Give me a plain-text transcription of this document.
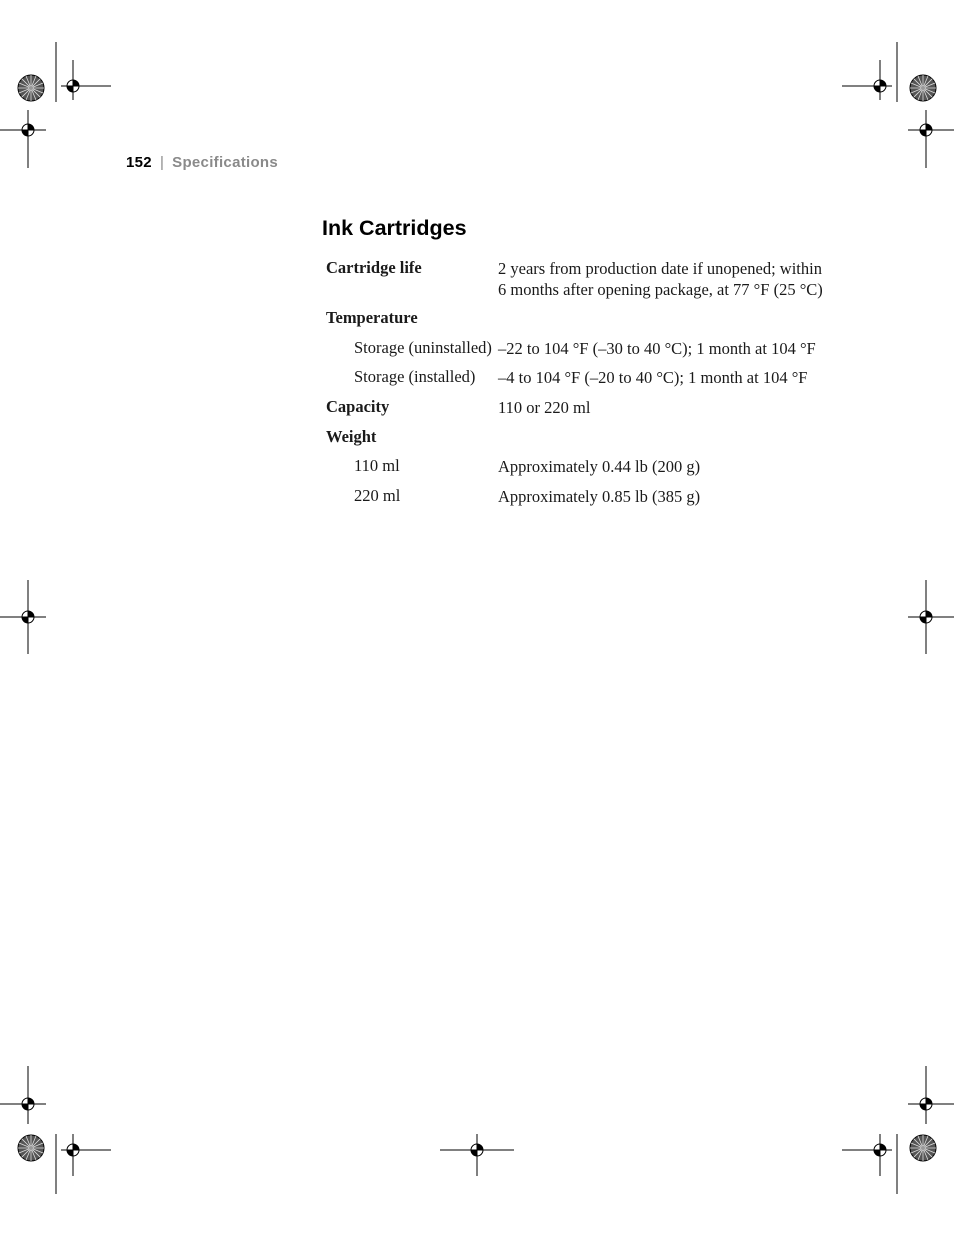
152 | Specifications
Ink Cartridges
Cartridge life	2 years from production date if unopened; within
6 months after opening package, at 77 °F (25 °C)
Temperature
Storage (uninstalled) –22 to 104 °F (–30 to 40 °C); 1 month at 104 °F
Storage (installed) –4 to 104 °F (–20 to 40 °C); 1 month at 104 °F
Capacity	110 or 220 ml
Weight
110 ml	Approximately 0.44 lb (200 g)
220 ml	Approximately 0.85 lb (385 g)
